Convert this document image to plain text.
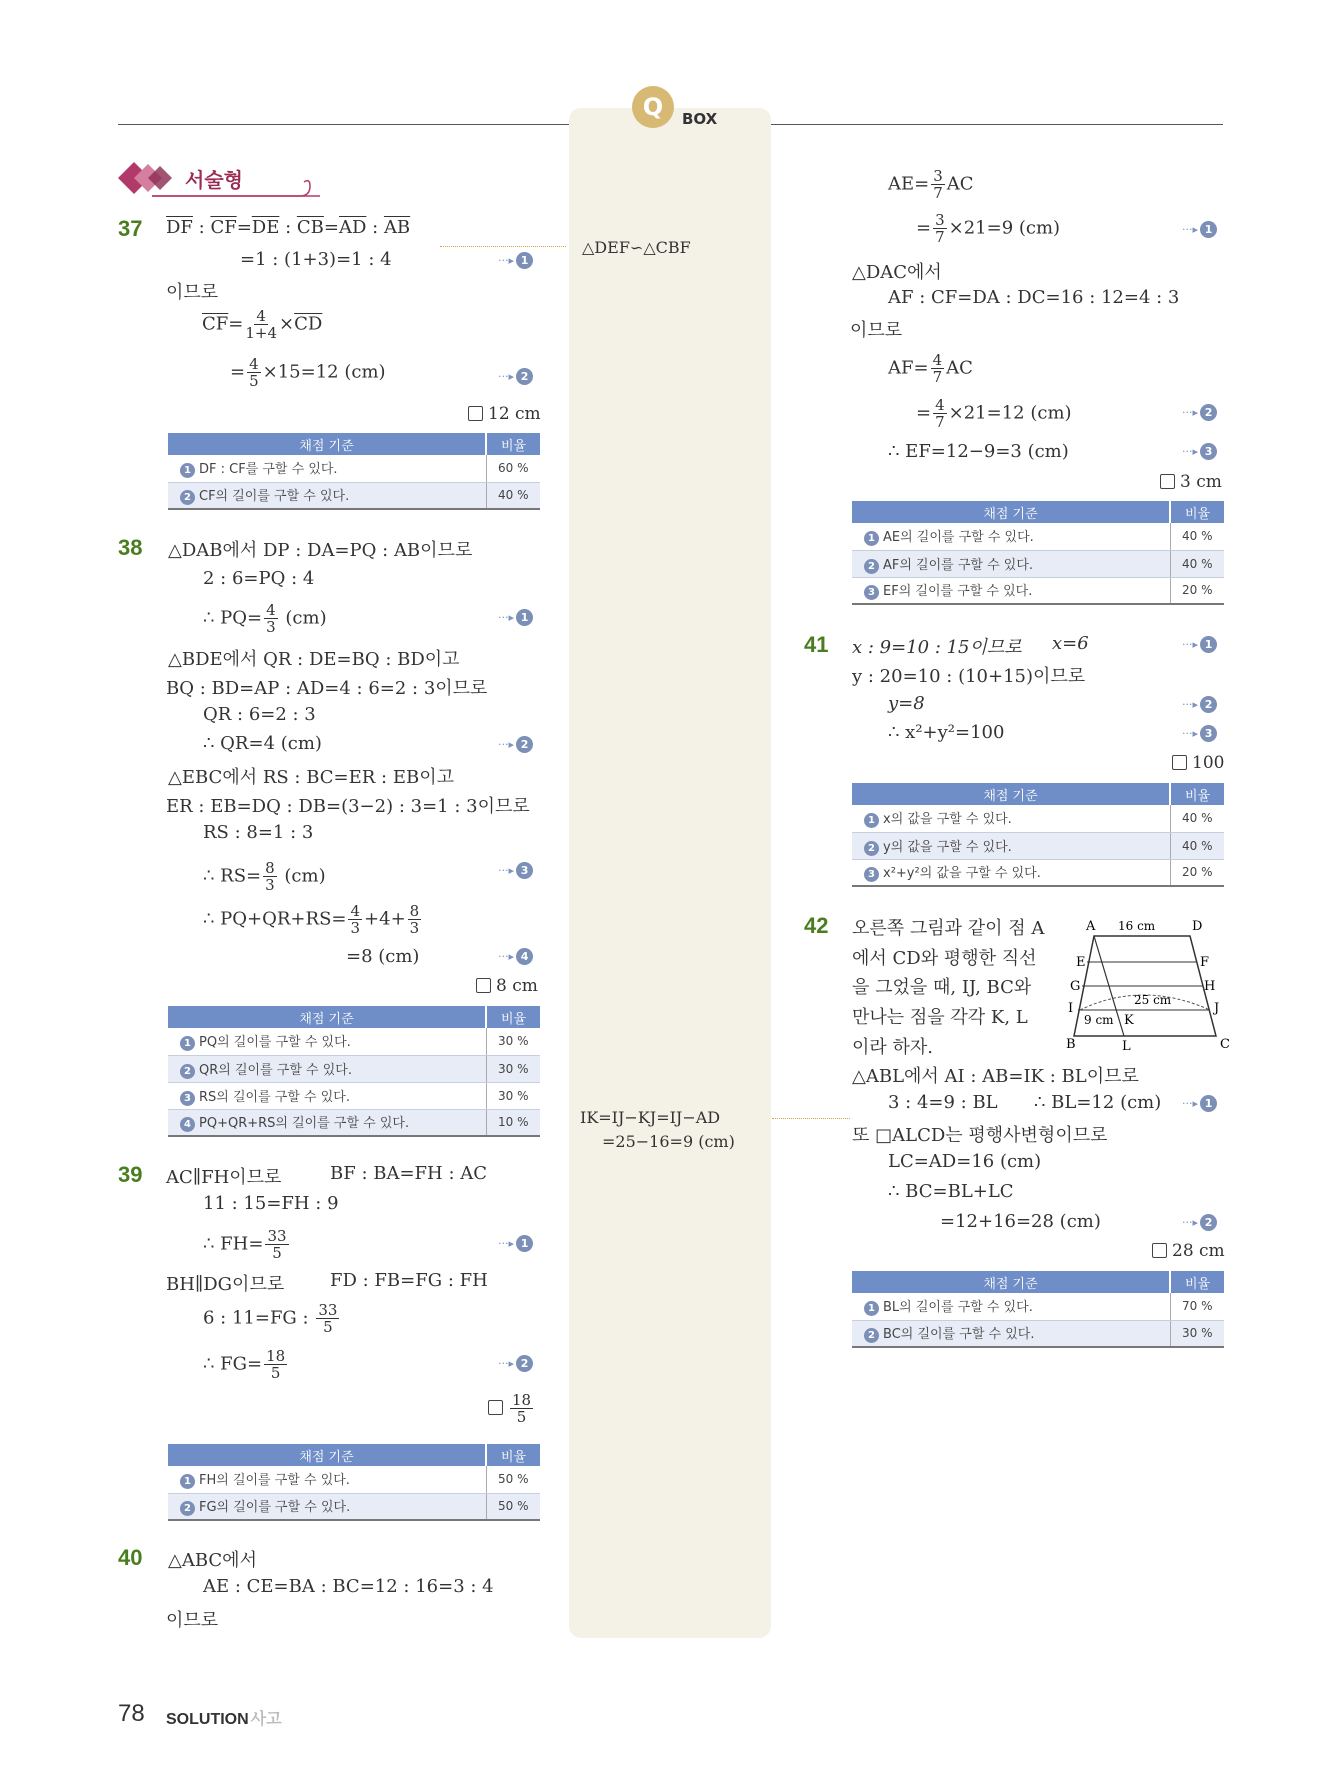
Q	BOX
서술형
37 $\overline{DF}$ : $\overline{CF}=\overline{DE}$ : $\overline{CB}=\overline{AD}$ : $\overline{AB}$
=1 : (1+3)=1 : 4	···▸ 1
이므로
$\overline{CF}= \frac{4}{1+4} \times\overline{CD}$
= $\frac{4}{5} \times 15=12$ (cm)	···▸ 2
12 cm
채점 기준	비율
1 DF : CF를 구할 수 있다.	60 %
2 CF의 길이를 구할 수 있다.	40 %
38 △DAB에서 DP : DA=PQ : AB이므로
2 : 6=PQ : 4
∴ $PQ= \frac{4}{3} (cm)$	···▸ 1
△BDE에서 QR : DE=BQ : BD이고
BQ : BD=AP : AD=4 : 6=2 : 3이므로
QR : 6=2 : 3
∴ QR=4 (cm)	···▸ 2
△EBC에서 RS : BC=ER : EB이고
ER : EB=DQ : DB=(3−2) : 3=1 : 3이므로
RS : 8=1 : 3
∴ $RS= \frac{8}{3} (cm)$	···▸ 3
∴ $PQ+QR+RS= \frac{4}{3} +4+ \frac{8}{3}$
=8 (cm)	···▸ 4
8 cm
채점 기준	비율
1 PQ의 길이를 구할 수 있다.	30 %
2 QR의 길이를 구할 수 있다.	30 %
3 RS의 길이를 구할 수 있다.	30 %
4 PQ+QR+RS의 길이를 구할 수 있다.	10 %
39 AC∥FH이므로	BF : BA=FH : AC
11 : 15=FH : 9
∴ $FH= \frac{33}{5}$	···▸ 1
BH∥DG이므로	FD : FB=FG : FH
6 : 11=FG : $\frac{33}{5}$
∴ $FG= \frac{18}{5}$	···▸ 2
$\frac{18}{5}$
채점 기준	비율
1 FH의 길이를 구할 수 있다.	50 %
2 FG의 길이를 구할 수 있다.	50 %
40 △ABC에서
AE : CE=BA : BC=12 : 16=3 : 4
이므로
△DEF∽△CBF
IK=IJ−KJ=IJ−AD
=25−16=9 (cm)
$AE= \frac{3}{7}$ AC
= $\frac{3}{7} \times 21=9$ (cm)	···▸ 1
△DAC에서
AF : CF=DA : DC=16 : 12=4 : 3
이므로
$AF= \frac{4}{7}$ AC
= $\frac{4}{7} \times 21=12$ (cm)	···▸ 2
∴ EF=12−9=3 (cm)	···▸ 3
3 cm
채점 기준	비율
1 AE의 길이를 구할 수 있다.	40 %
2 AF의 길이를 구할 수 있다.	40 %
3 EF의 길이를 구할 수 있다.	20 %
41 x : 9=10 : 15이므로 x=6	···▸ 1
y : 20=10 : (10+15)이므로
y=8	···▸ 2
∴ x²+y²=100	···▸ 3
100
채점 기준	비율
1 x의 값을 구할 수 있다.	40 %
2 y의 값을 구할 수 있다.	40 %
3 x²+y²의 값을 구할 수 있다.	20 %
42 오른쪽 그림과 같이 점 A
에서 CD와 평행한 직선
을 그었을 때, IJ, BC와
만나는 점을 각각 K, L
이라 하자.
A	D
16 cm
E	F
G	H
I	J
25 cm
9 cm K
B	L	C
△ABL에서 AI : AB=IK : BL이므로
3 : 4=9 : BL ∴ BL=12 (cm) ···▸ 1
또 □ALCD는 평행사변형이므로
LC=AD=16 (cm)
∴ BC=BL+LC
=12+16=28 (cm)	···▸ 2
28 cm
채점 기준	비율
1 BL의 길이를 구할 수 있다.	70 %
2 BC의 길이를 구할 수 있다.	30 %
78 SOLUTION 사고
